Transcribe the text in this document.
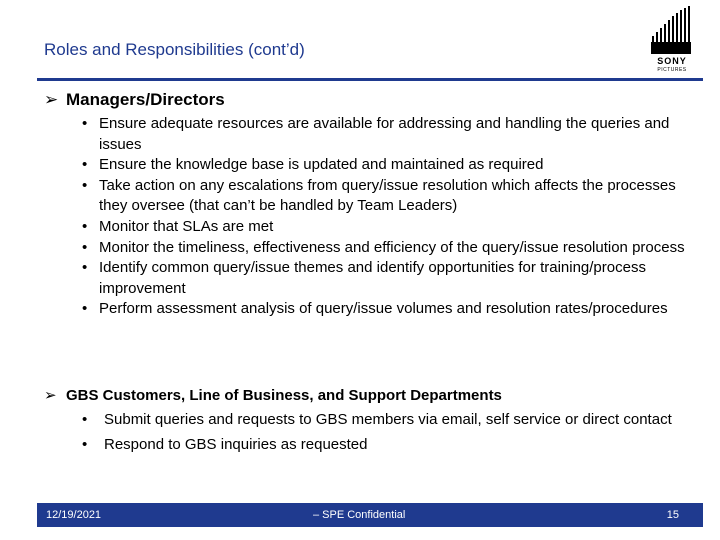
Roles and Responsibilities (cont’d)
SONY
PICTURES
➢ Managers/Directors
• Ensure adequate resources are available for addressing and handling the queries and issues
• Ensure the knowledge base is updated and maintained as required
• Take action on any escalations from query/issue resolution which affects the processes they oversee (that can’t be handled by Team Leaders)
• Monitor that SLAs are met
• Monitor the timeliness, effectiveness and efficiency of the query/issue resolution process
• Identify common query/issue themes and identify opportunities for training/process improvement
• Perform assessment analysis of query/issue volumes and resolution rates/procedures
➢ GBS Customers, Line of Business, and Support Departments
• Submit queries and requests to GBS members via email, self service or direct contact
• Respond to GBS inquiries as requested
12/19/2021	– SPE Confidential	15
